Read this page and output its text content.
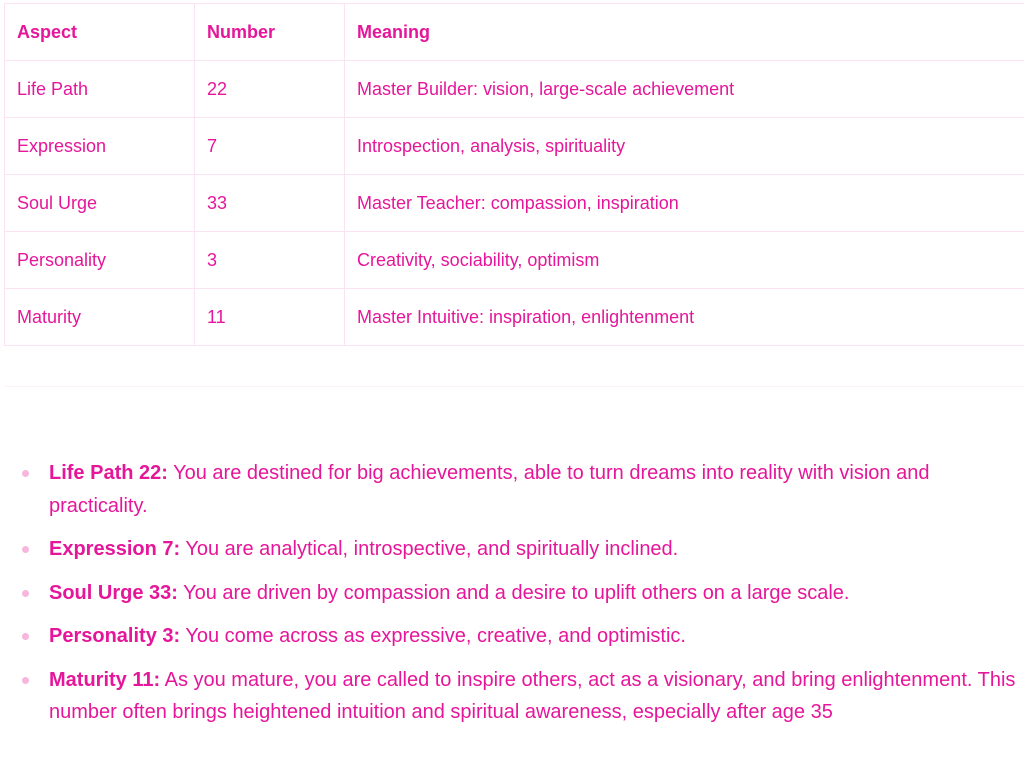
Aspect	Number	Meaning
Life Path	22	Master Builder: vision, large-scale achievement
Expression	7	Introspection, analysis, spirituality
Soul Urge	33	Master Teacher: compassion, inspiration
Personality	3	Creativity, sociability, optimism
Maturity	11	Master Intuitive: inspiration, enlightenment
Life Path 22: You are destined for big achievements, able to turn dreams into reality with vision and practicality.
Expression 7: You are analytical, introspective, and spiritually inclined.
Soul Urge 33: You are driven by compassion and a desire to uplift others on a large scale.
Personality 3: You come across as expressive, creative, and optimistic.
Maturity 11: As you mature, you are called to inspire others, act as a visionary, and bring enlightenment. This number often brings heightened intuition and spiritual awareness, especially after age 35
